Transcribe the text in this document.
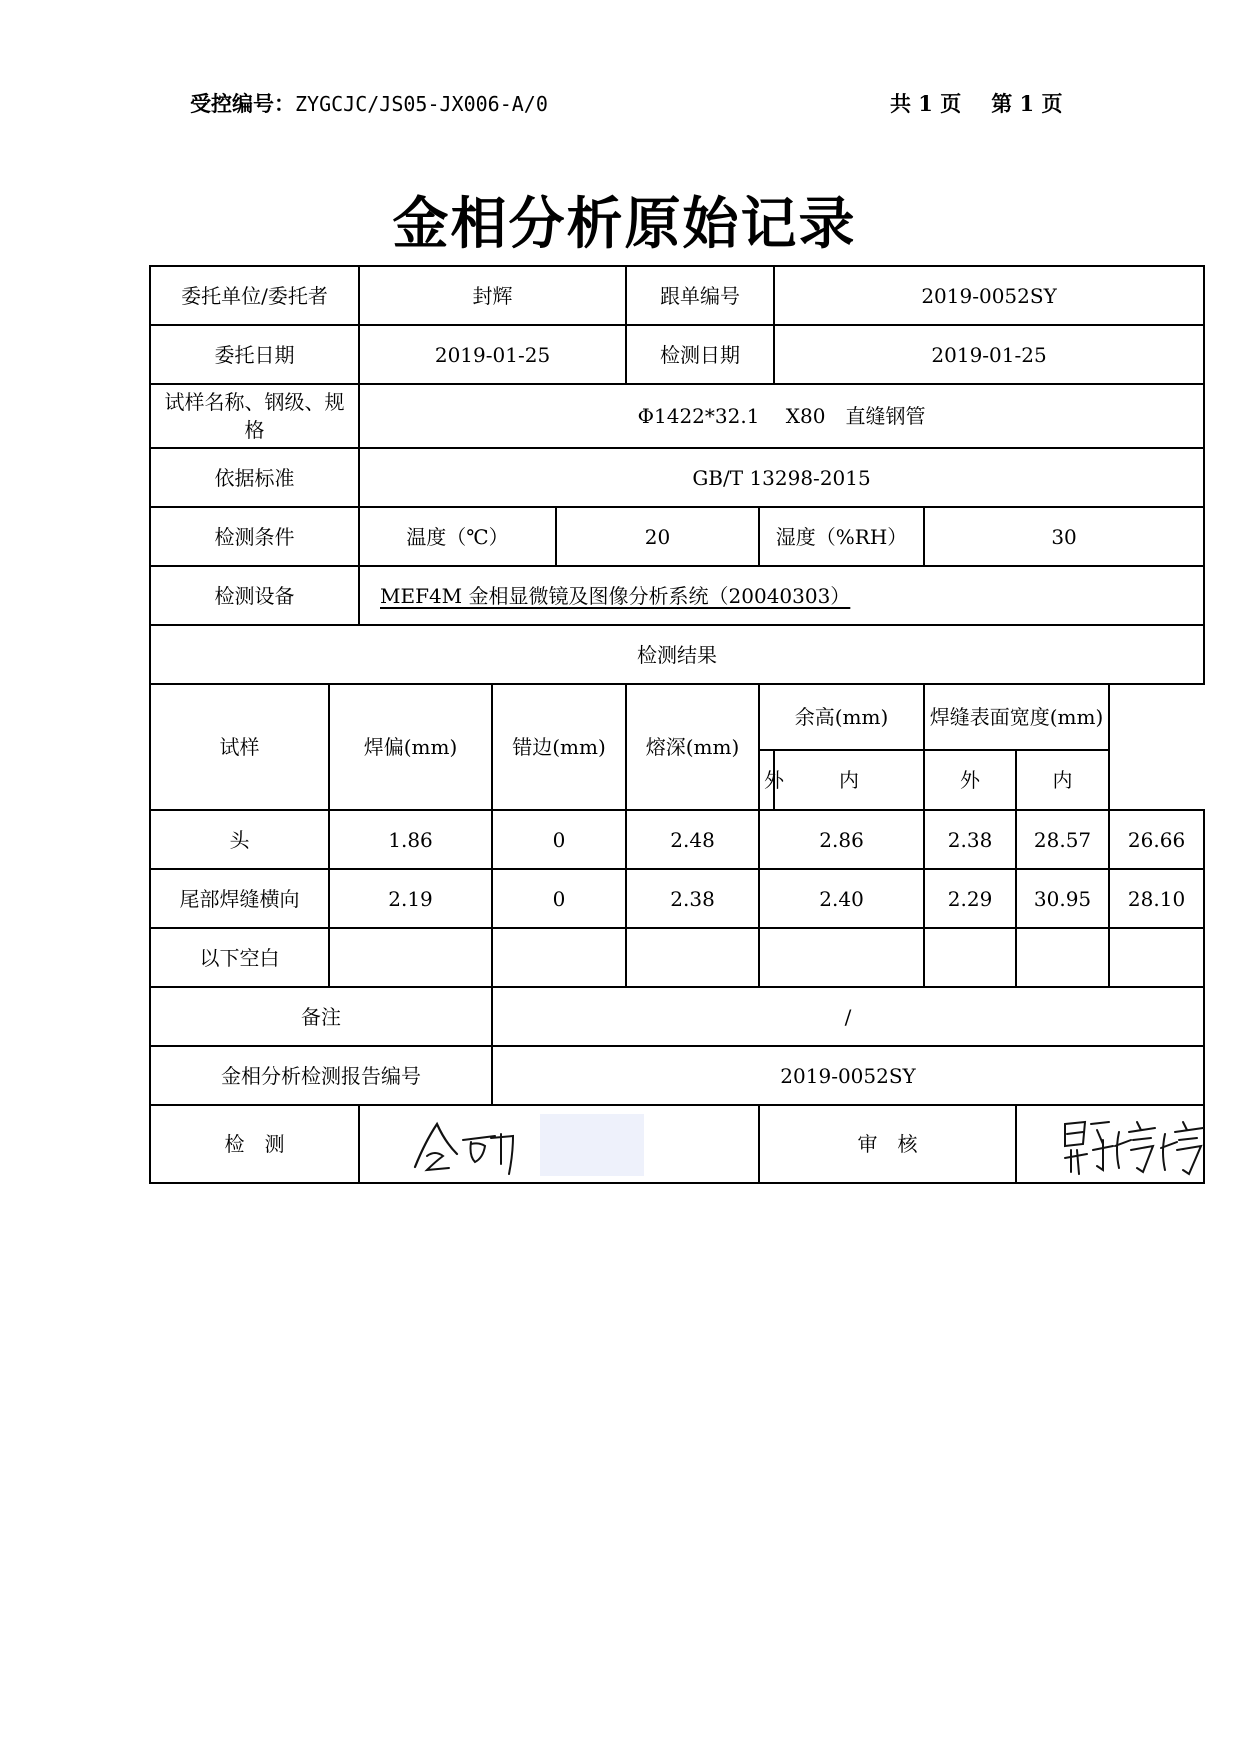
受控编号：ZYGCJC/JS05-JX006-A/0	共 1 页 第 1 页
金相分析原始记录
委托单位/委托者		封辉			跟单编号		2019-0052SY			
委托日期		2019-01-25			检测日期		2019-01-25			
试样名称、钢级、规格		Φ1422*32.1　 X80　直缝钢管								
依据标准		GB/T 13298-2015								
检测条件		温度（℃）		20		湿度（%RH）		30		
检测设备		MEF4M 金相显微镜及图像分析系统（20040303）								
检测结果										
试样	焊偏(mm)		错边(mm)		熔深(mm)	余高(mm)		焊缝表面宽度(mm)		
						外	内	外	内	
头	1.86		0		2.48	2.86		2.38	28.57	26.66
尾部焊缝横向	2.19		0		2.38	2.40		2.29	30.95	28.10
以下空白										
备注			/							
金相分析检测报告编号			2019-0052SY							
检　测						审　核	
